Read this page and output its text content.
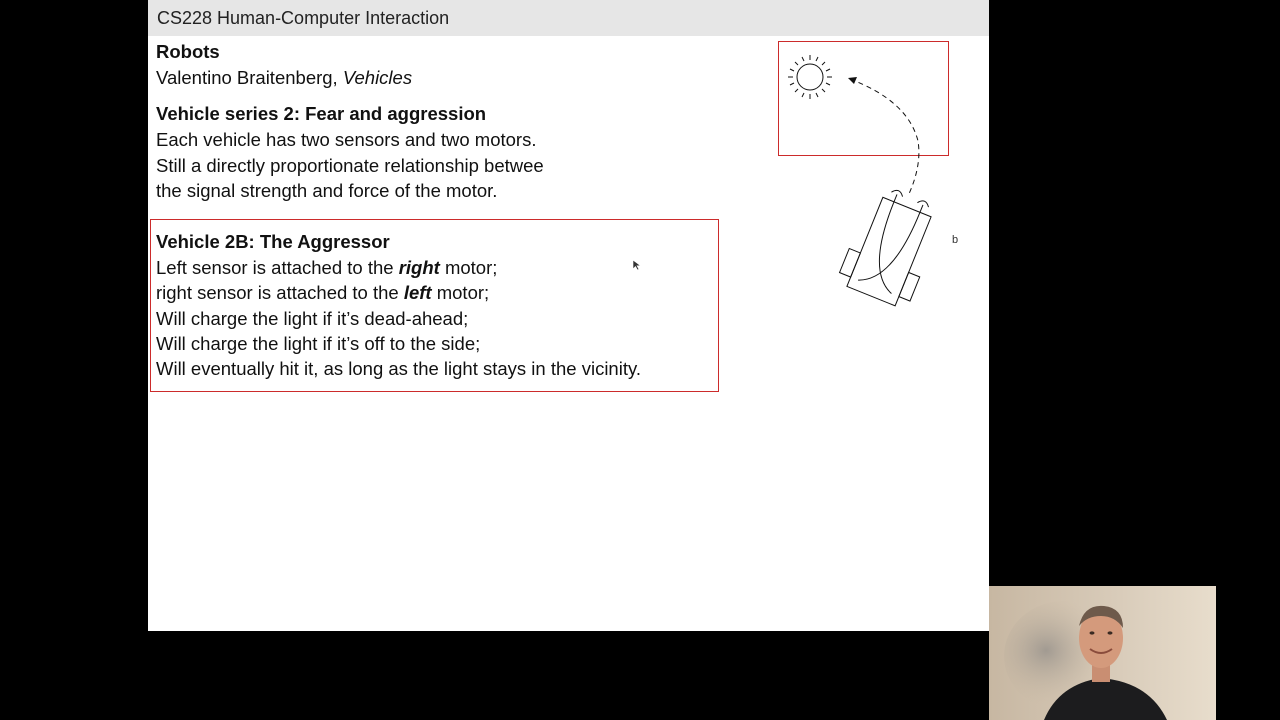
CS228 Human-Computer Interaction
Robots
Valentino Braitenberg, Vehicles
Vehicle series 2: Fear and aggression
Each vehicle has two sensors and two motors.
Still a directly proportionate relationship betwee
the signal strength and force of the motor.
Vehicle 2B: The Aggressor
Left sensor is attached to the right motor;
right sensor is attached to the left motor;
Will charge the light if it’s dead-ahead;
Will charge the light if it’s off to the side;
Will eventually hit it, as long as the light stays in the vicinity.
b
